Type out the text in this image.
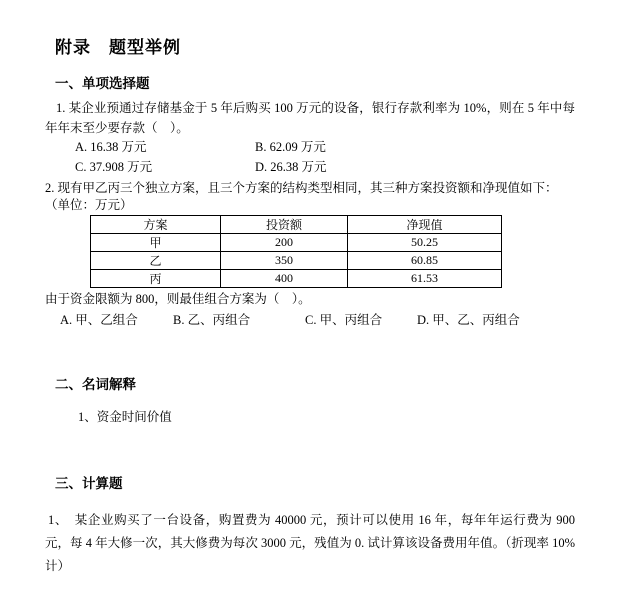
附录　题型举例
一、单项选择题

1. 某企业预通过存储基金于 5 年后购买 100 万元的设备，银行存款利率为 10%，则在 5 年中每年年末至少要存款（　）。

A. 16.38 万元	B. 62.09 万元
C. 37.908 万元	D. 26.38 万元

2. 现有甲乙丙三个独立方案，且三个方案的结构类型相同，其三种方案投资额和净现值如下：

（单位：万元）

方案	投资额	净现值
甲	200	50.25
乙	350	60.85
丙	400	61.53

由于资金限额为 800，则最佳组合方案为（　）。

A. 甲、乙组合	B. 乙、丙组合	C. 甲、丙组合	D. 甲、乙、丙组合
二、名词解释

1、资金时间价值

三、计算题

1、　某企业购买了一台设备，购置费为 40000 元，预计可以使用 16 年，每年年运行费为 900 元，每 4 年大修一次，其大修费为每次 3000 元，残值为 0. 试计算该设备费用年值。（折现率 10%计）
